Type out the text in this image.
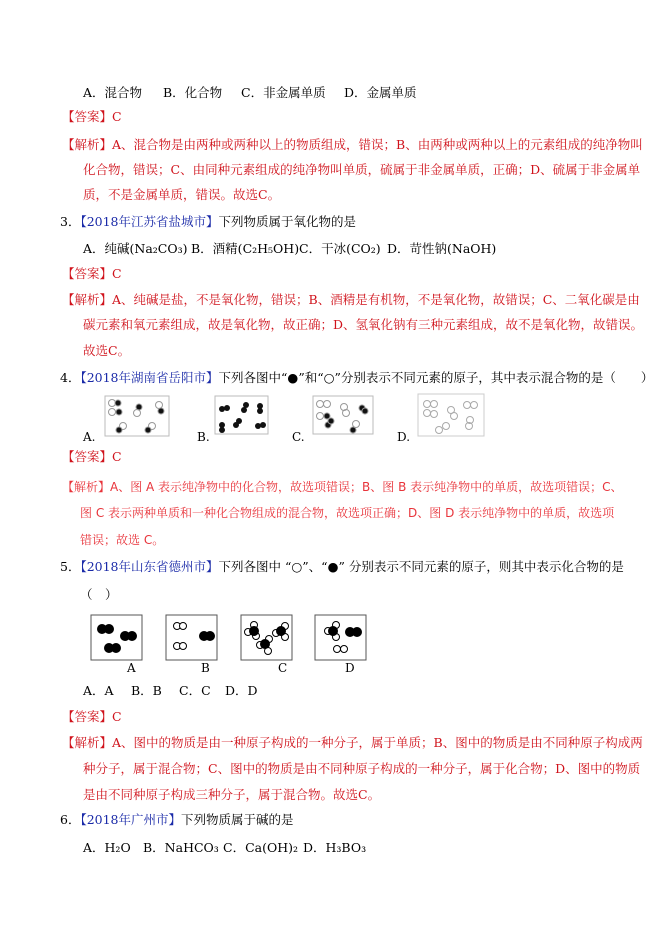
A．混合物 B．化合物 C．非金属单质 D．金属单质
【答案】C
【解析】A、混合物是由两种或两种以上的物质组成，错误；B、由两种或两种以上的元素组成的纯净物叫
化合物，错误；C、由同种元素组成的纯净物叫单质，硫属于非金属单质，正确；D、硫属于非金属单
质，不是金属单质，错误。故选C。
3．【2018年江苏省盐城市】下列物质属于氧化物的是
A．纯碱(Na₂CO₃) B．酒精(C₂H₅OH)C．干冰(CO₂) D．苛性钠(NaOH)
【答案】C
【解析】A、纯碱是盐，不是氧化物，错误；B、酒精是有机物，不是氧化物，故错误；C、二氧化碳是由
碳元素和氧元素组成，故是氧化物，故正确；D、氢氧化钠有三种元素组成，故不是氧化物，故错误。
故选C。
4．【2018年湖南省岳阳市】下列各图中“●”和“○”分别表示不同元素的原子，其中表示混合物的是（　　）
A.	B.	C.	D.
【答案】C
【解析】A、图 A 表示纯净物中的化合物，故选项错误；B、图 B 表示纯净物中的单质，故选项错误；C、
图 C 表示两种单质和一种化合物组成的混合物，故选项正确；D、图 D 表示纯净物中的单质，故选项
错误；故选 C。
5．【2018年山东省德州市】下列各图中 “○”、“●” 分别表示不同元素的原子，则其中表示化合物的是
（　）
A	B	C	D
A．A B．B C．C D．D
【答案】C
【解析】A、图中的物质是由一种原子构成的一种分子，属于单质；B、图中的物质是由不同种原子构成两
种分子，属于混合物；C、图中的物质是由不同种原子构成的一种分子，属于化合物；D、图中的物质
是由不同种原子构成三种分子，属于混合物。故选C。
6．【2018年广州市】下列物质属于碱的是
A．H₂O B．NaHCO₃ C．Ca(OH)₂ D．H₃BO₃
